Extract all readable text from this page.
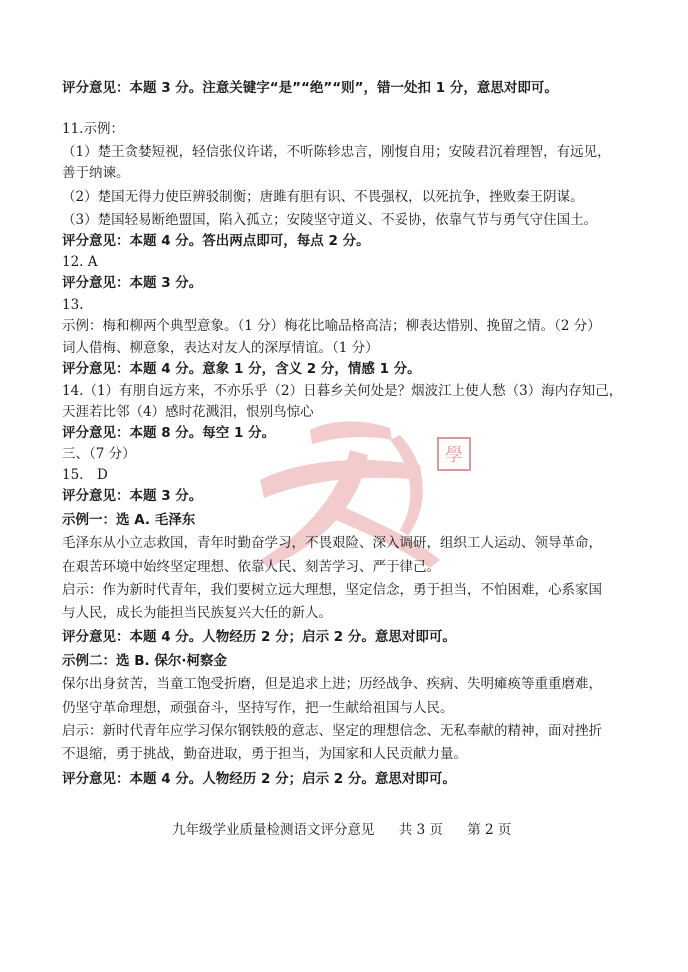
學
评分意见：本题 3 分。注意关键字“是”“绝”“则”，错一处扣 1 分，意思对即可。
11.示例：
（1）楚王贪婪短视，轻信张仪许诺，不听陈轸忠言，刚愎自用；安陵君沉着理智，有远见，
善于纳谏。
（2）楚国无得力使臣辨驳制衡；唐雎有胆有识、不畏强权，以死抗争，挫败秦王阴谋。
（3）楚国轻易断绝盟国，陷入孤立；安陵坚守道义、不妥协，依靠气节与勇气守住国土。
评分意见：本题 4 分。答出两点即可，每点 2 分。
12. A
评分意见：本题 3 分。
13.
示例：梅和柳两个典型意象。（1 分）梅花比喻品格高洁；柳表达惜别、挽留之情。（2 分）
词人借梅、柳意象，表达对友人的深厚情谊。（1 分）
评分意见：本题 4 分。意象 1 分，含义 2 分，情感 1 分。
14.（1）有朋自远方来，不亦乐乎（2）日暮乡关何处是？烟波江上使人愁（3）海内存知己，
天涯若比邻（4）感时花溅泪，恨别鸟惊心
评分意见：本题 8 分。每空 1 分。
三、（7 分）
15.　D
评分意见：本题 3 分。
示例一：选 A. 毛泽东
毛泽东从小立志救国，青年时勤奋学习，不畏艰险、深入调研，组织工人运动、领导革命，
在艰苦环境中始终坚定理想、依靠人民、刻苦学习、严于律己。
启示：作为新时代青年，我们要树立远大理想，坚定信念，勇于担当，不怕困难，心系家国
与人民，成长为能担当民族复兴大任的新人。
评分意见：本题 4 分。人物经历 2 分；启示 2 分。意思对即可。
示例二：选 B. 保尔·柯察金
保尔出身贫苦，当童工饱受折磨，但是追求上进；历经战争、疾病、失明瘫痪等重重磨难，
仍坚守革命理想，顽强奋斗，坚持写作，把一生献给祖国与人民。
启示：新时代青年应学习保尔钢铁般的意志、坚定的理想信念、无私奉献的精神，面对挫折
不退缩，勇于挑战，勤奋进取，勇于担当，为国家和人民贡献力量。
评分意见：本题 4 分。人物经历 2 分；启示 2 分。意思对即可。
九年级学业质量检测语文评分意见 共 3 页 第 2 页
